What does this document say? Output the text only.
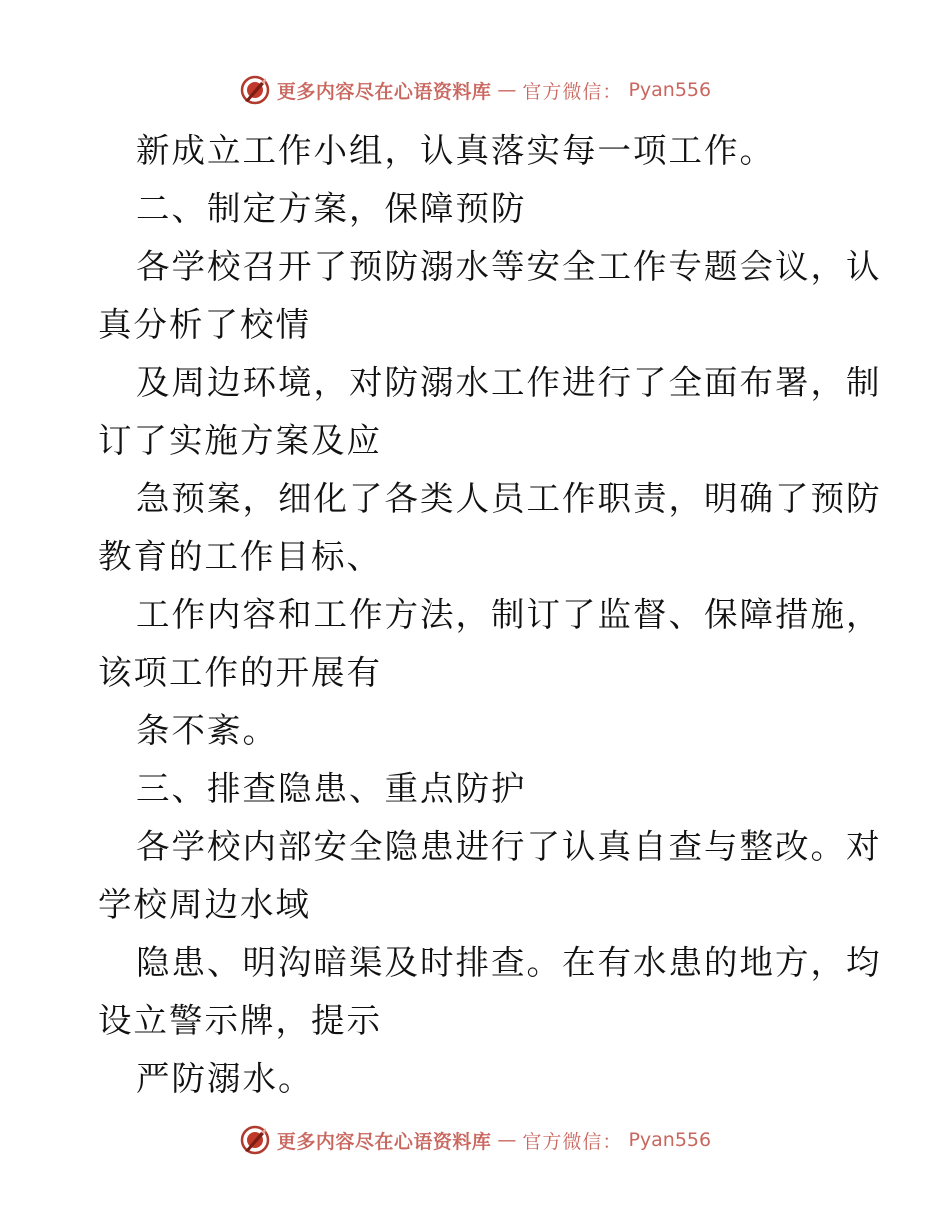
更多内容尽在心语资料库 — 官方微信： Pyan556
新成立工作小组，认真落实每一项工作。
二、制定方案，保障预防
各学校召开了预防溺水等安全工作专题会议，认
真分析了校情
及周边环境，对防溺水工作进行了全面布署，制
订了实施方案及应
急预案，细化了各类人员工作职责，明确了预防
教育的工作目标、
工作内容和工作方法，制订了监督、保障措施，
该项工作的开展有
条不紊。
三、排查隐患、重点防护
各学校内部安全隐患进行了认真自查与整改。对
学校周边水域
隐患、明沟暗渠及时排查。在有水患的地方，均
设立警示牌，提示
严防溺水。
更多内容尽在心语资料库 — 官方微信： Pyan556
